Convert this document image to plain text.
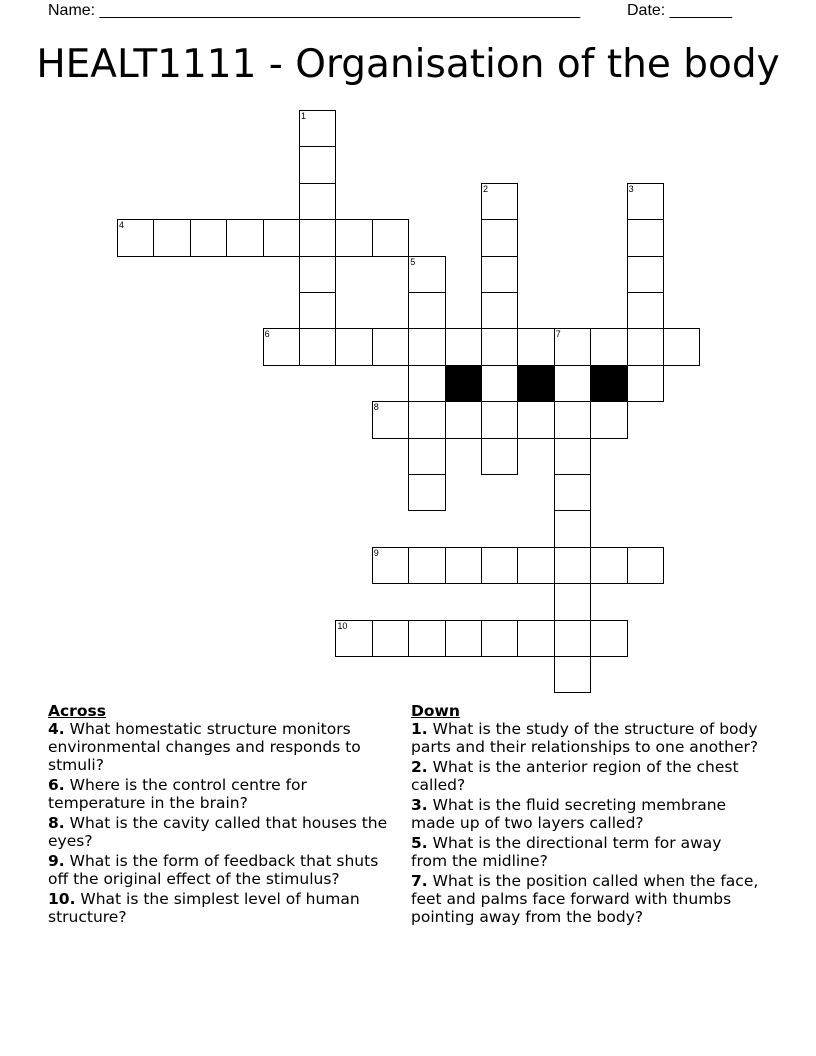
Name: ______________________________________________________	Date: _______
HEALT1111 - Organisation of the body
1
2	3
4
5
6	7
8
9
10
Across
4. What homestatic structure monitors environmental changes and responds to stmuli?
6. Where is the control centre for temperature in the brain?
8. What is the cavity called that houses the eyes?
9. What is the form of feedback that shuts off the original effect of the stimulus?
10. What is the simplest level of human structure?
Down
1. What is the study of the structure of body parts and their relationships to one another?
2. What is the anterior region of the chest called?
3. What is the fluid secreting membrane made up of two layers called?
5. What is the directional term for away from the midline?
7. What is the position called when the face, feet and palms face forward with thumbs pointing away from the body?
